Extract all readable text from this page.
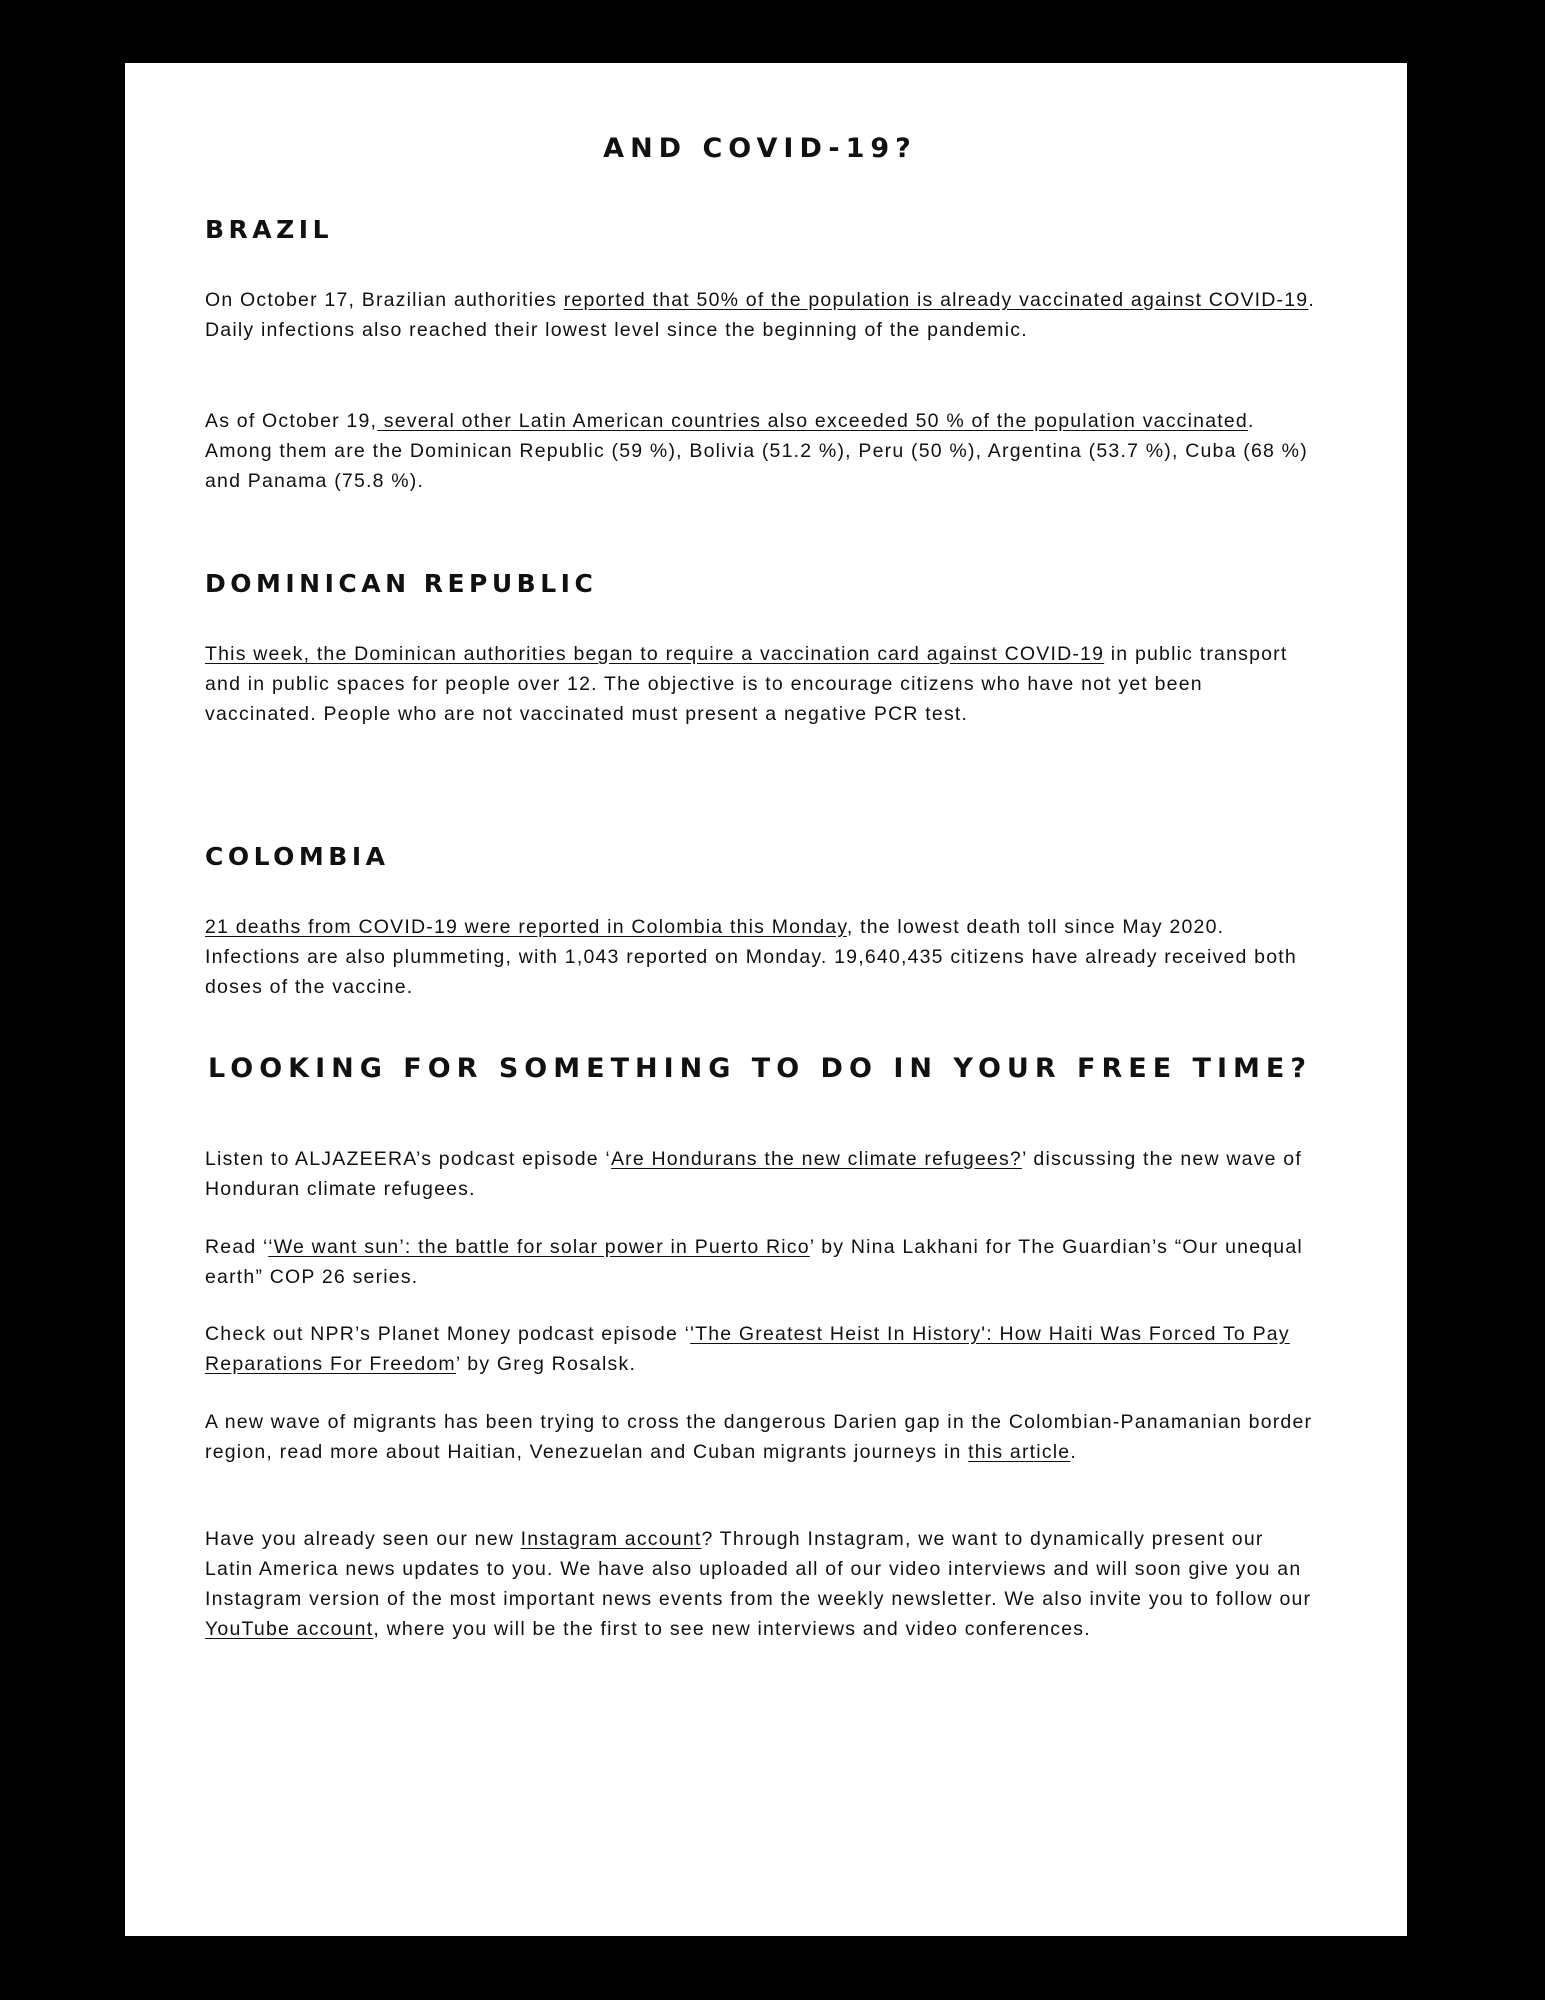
AND COVID-19?
BRAZIL

On October 17, Brazilian authorities reported that 50% of the population is already vaccinated against COVID-19. Daily infections also reached their lowest level since the beginning of the pandemic.

As of October 19, several other Latin American countries also exceeded 50 % of the population vaccinated. Among them are the Dominican Republic (59 %), Bolivia (51.2 %), Peru (50 %), Argentina (53.7 %), Cuba (68 %) and Panama (75.8 %).

DOMINICAN REPUBLIC

This week, the Dominican authorities began to require a vaccination card against COVID-19 in public transport and in public spaces for people over 12. The objective is to encourage citizens who have not yet been vaccinated. People who are not vaccinated must present a negative PCR test.

COLOMBIA

21 deaths from COVID-19 were reported in Colombia this Monday, the lowest death toll since May 2020. Infections are also plummeting, with 1,043 reported on Monday. 19,640,435 citizens have already received both doses of the vaccine.

LOOKING FOR SOMETHING TO DO IN YOUR FREE TIME?

Listen to ALJAZEERA’s podcast episode ‘Are Hondurans the new climate refugees?’ discussing the new wave of Honduran climate refugees.

Read ‘‘We want sun’: the battle for solar power in Puerto Rico’ by Nina Lakhani for The Guardian’s “Our unequal earth” COP 26 series.

Check out NPR’s Planet Money podcast episode ‘'The Greatest Heist In History': How Haiti Was Forced To Pay Reparations For Freedom’ by Greg Rosalsk.

A new wave of migrants has been trying to cross the dangerous Darien gap in the Colombian-Panamanian border region, read more about Haitian, Venezuelan and Cuban migrants journeys in this article.

Have you already seen our new Instagram account? Through Instagram, we want to dynamically present our Latin America news updates to you. We have also uploaded all of our video interviews and will soon give you an Instagram version of the most important news events from the weekly newsletter. We also invite you to follow our YouTube account, where you will be the first to see new interviews and video conferences.
